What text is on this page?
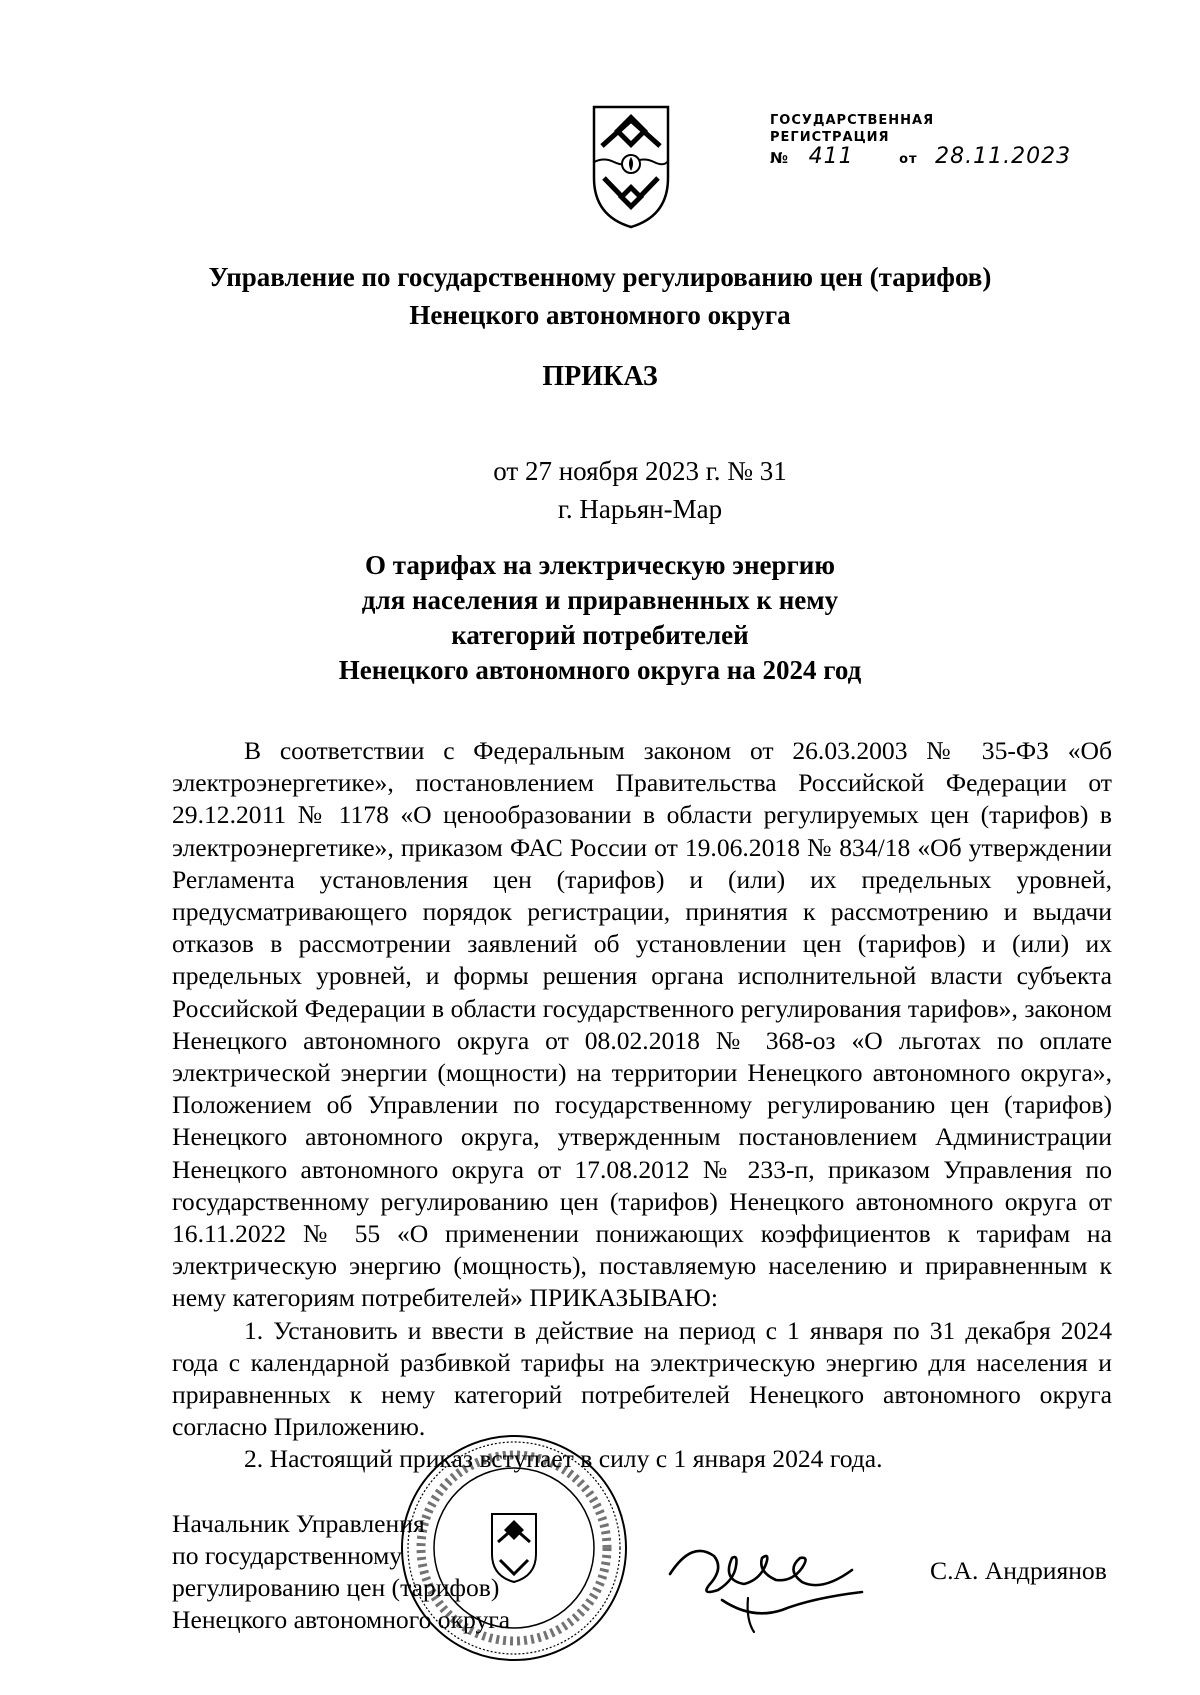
ГОСУДАРСТВЕННАЯ
РЕГИСТРАЦИЯ
№ 411	от 28.11.2023
Управление по государственному регулированию цен (тарифов)
Ненецкого автономного округа
ПРИКАЗ
от 27 ноября 2023 г. № 31
г. Нарьян-Мар
О тарифах на электрическую энергию
для населения и приравненных к нему
категорий потребителей
Ненецкого автономного округа на 2024 год

В соответствии с Федеральным законом от 26.03.2003 № 35-ФЗ «Об электроэнергетике», постановлением Правительства Российской Федерации от 29.12.2011 № 1178 «О ценообразовании в области регулируемых цен (тарифов) в электроэнергетике», приказом ФАС России от 19.06.2018 № 834/18 «Об утверждении Регламента установления цен (тарифов) и (или) их предельных уровней, предусматривающего порядок регистрации, принятия к рассмотрению и выдачи отказов в рассмотрении заявлений об установлении цен (тарифов) и (или) их предельных уровней, и формы решения органа исполнительной власти субъекта Российской Федерации в области государственного регулирования тарифов», законом Ненецкого автономного округа от 08.02.2018 № 368-оз «О льготах по оплате электрической энергии (мощности) на территории Ненецкого автономного округа», Положением об Управлении по государственному регулированию цен (тарифов) Ненецкого автономного округа, утвержденным постановлением Администрации Ненецкого автономного округа от 17.08.2012 № 233-п, приказом Управления по государственному регулированию цен (тарифов) Ненецкого автономного округа от 16.11.2022 № 55 «О применении понижающих коэффициентов к тарифам на электрическую энергию (мощность), поставляемую населению и приравненным к нему категориям потребителей» ПРИКАЗЫВАЮ:

1. Установить и ввести в действие на период с 1 января по 31 декабря 2024 года с календарной разбивкой тарифы на электрическую энергию для населения и приравненных к нему категорий потребителей Ненецкого автономного округа согласно Приложению.

2. Настоящий приказ вступает в силу с 1 января 2024 года.

Начальник Управления
по государственному
регулированию цен (тарифов)
Ненецкого автономного округа
С.А. Андриянов
